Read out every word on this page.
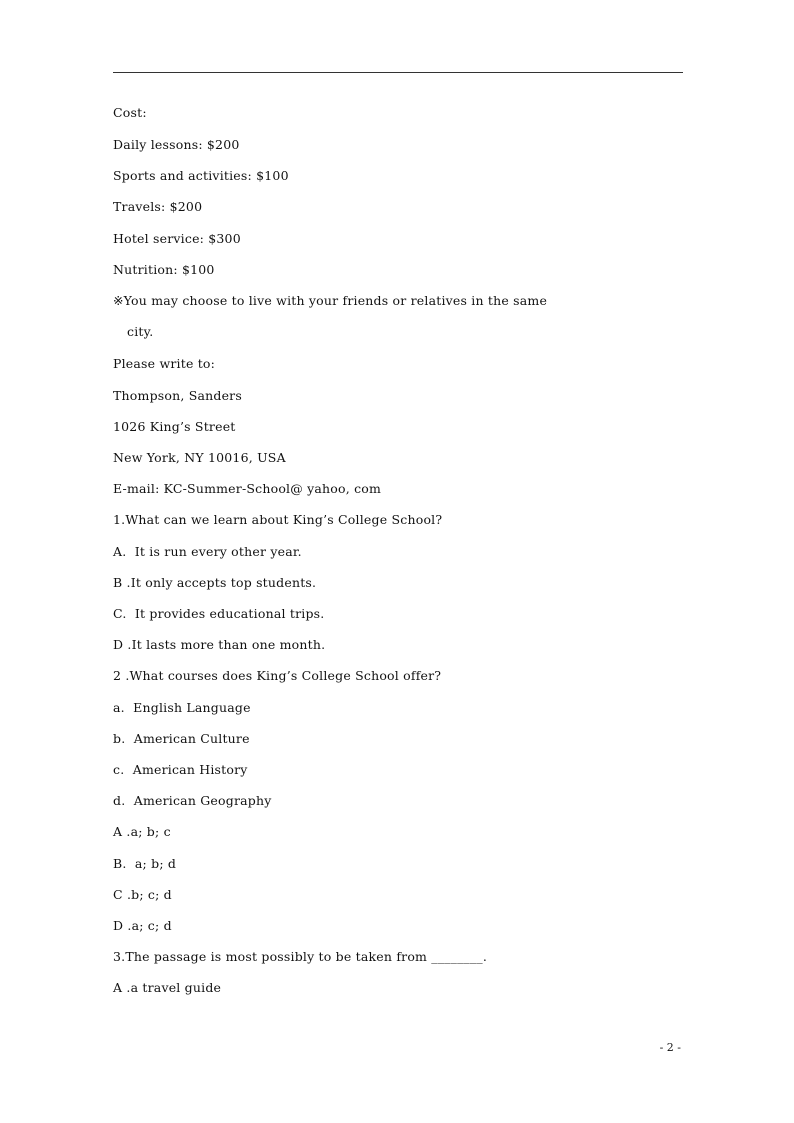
Cost:
Daily lessons: $200
Sports and activities: $100
Travels: $200
Hotel service: $300
Nutrition: $100
※You may choose to live with your friends or relatives in the same
city.
Please write to:
Thompson, Sanders
1026 King’s Street
New York, NY 10016, USA
E-mail: KC-Summer-School@ yahoo, com
1.What can we learn about King’s College School?
A.  It is run every other year.
B .It only accepts top students.
C.  It provides educational trips.
D .It lasts more than one month.
2 .What courses does King’s College School offer?
a.  English Language
b.  American Culture
c.  American History
d.  American Geography
A .a; b; c
B.  a; b; d
C .b; c; d
D .a; c; d
3.The passage is most possibly to be taken from ________.
A .a travel guide
- 2 -
